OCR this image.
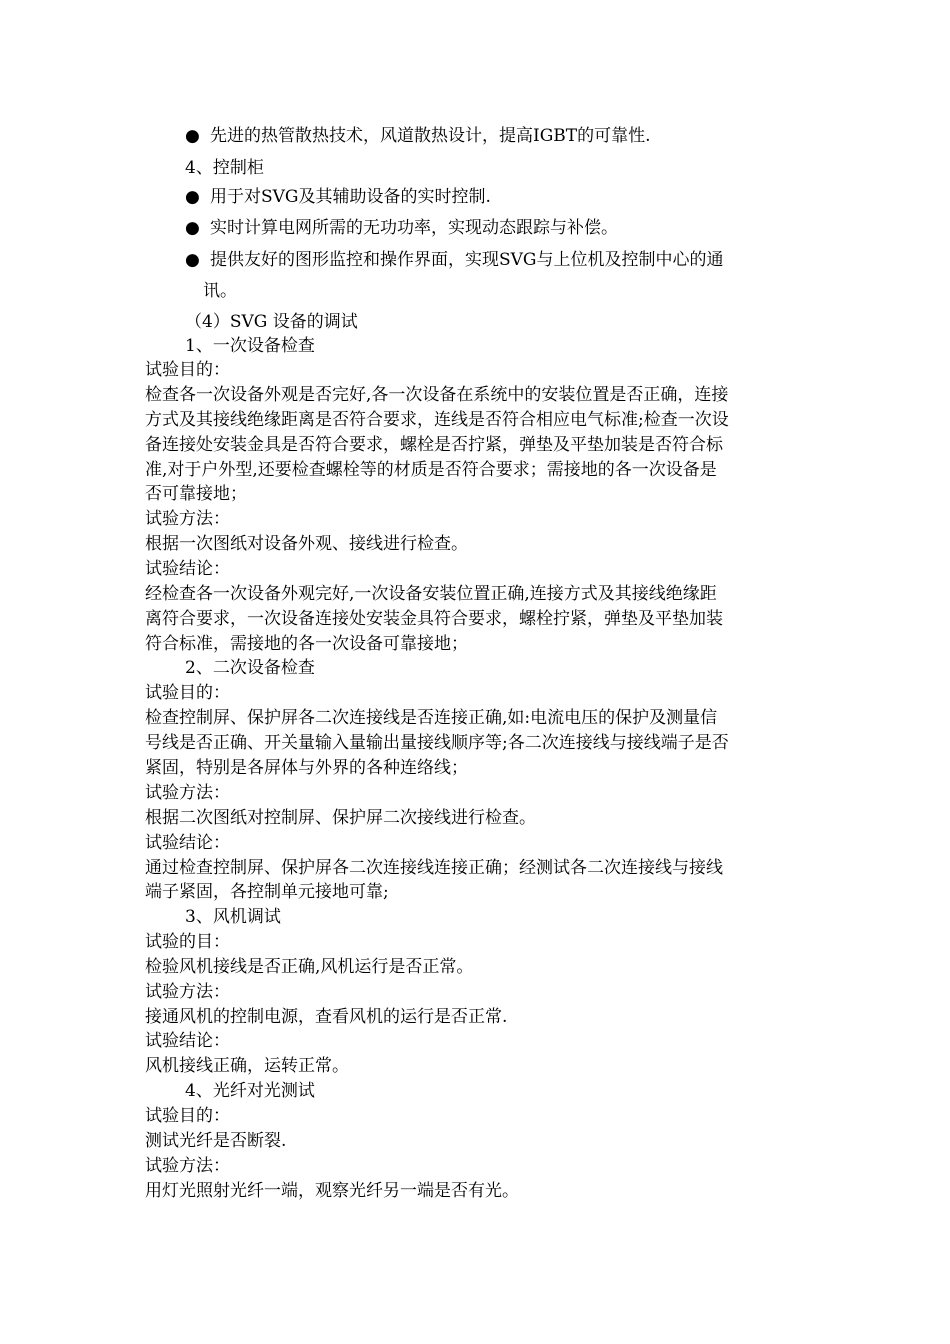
● 先进的热管散热技术，风道散热设计，提高IGBT的可靠性.
4、控制柜
● 用于对SVG及其辅助设备的实时控制.
● 实时计算电网所需的无功功率，实现动态跟踪与补偿。
● 提供友好的图形监控和操作界面，实现SVG与上位机及控制中心的通
讯。
（4）SVG 设备的调试
1、一次设备检查
试验目的：
检查各一次设备外观是否完好,各一次设备在系统中的安装位置是否正确，连接
方式及其接线绝缘距离是否符合要求，连线是否符合相应电气标准;检查一次设
备连接处安装金具是否符合要求，螺栓是否拧紧，弹垫及平垫加装是否符合标
准,对于户外型,还要检查螺栓等的材质是否符合要求；需接地的各一次设备是
否可靠接地；
试验方法：
根据一次图纸对设备外观、接线进行检查。
试验结论：
经检查各一次设备外观完好,一次设备安装位置正确,连接方式及其接线绝缘距
离符合要求，一次设备连接处安装金具符合要求，螺栓拧紧，弹垫及平垫加装
符合标准，需接地的各一次设备可靠接地；
2、二次设备检查
试验目的：
检查控制屏、保护屏各二次连接线是否连接正确,如:电流电压的保护及测量信
号线是否正确、开关量输入量输出量接线顺序等;各二次连接线与接线端子是否
紧固，特别是各屏体与外界的各种连络线；
试验方法：
根据二次图纸对控制屏、保护屏二次接线进行检查。
试验结论：
通过检查控制屏、保护屏各二次连接线连接正确；经测试各二次连接线与接线
端子紧固，各控制单元接地可靠;
3、风机调试
试验的目：
检验风机接线是否正确,风机运行是否正常。
试验方法：
接通风机的控制电源，查看风机的运行是否正常.
试验结论：
风机接线正确，运转正常。
4、光纤对光测试
试验目的：
测试光纤是否断裂.
试验方法：
用灯光照射光纤一端，观察光纤另一端是否有光。
